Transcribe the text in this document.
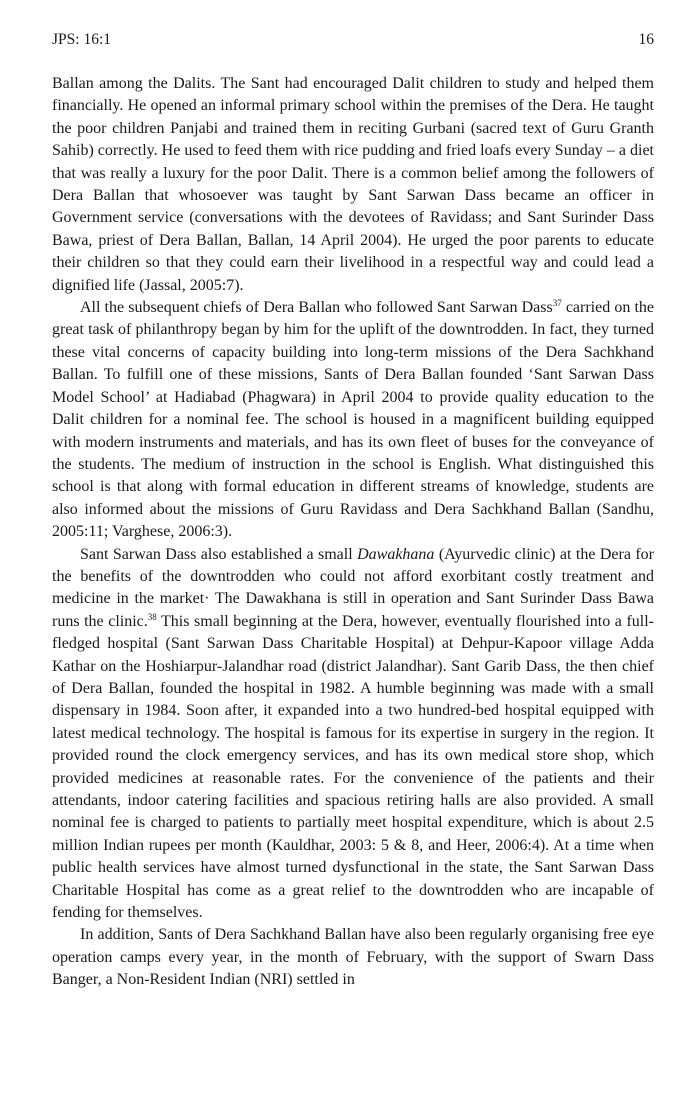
JPS: 16:1	16

Ballan among the Dalits. The Sant had encouraged Dalit children to study and helped them financially. He opened an informal primary school within the premises of the Dera. He taught the poor children Panjabi and trained them in reciting Gurbani (sacred text of Guru Granth Sahib) correctly. He used to feed them with rice pudding and fried loafs every Sunday – a diet that was really a luxury for the poor Dalit. There is a common belief among the followers of Dera Ballan that whosoever was taught by Sant Sarwan Dass became an officer in Government service (conversations with the devotees of Ravidass; and Sant Surinder Dass Bawa, priest of Dera Ballan, Ballan, 14 April 2004). He urged the poor parents to educate their children so that they could earn their livelihood in a respectful way and could lead a dignified life (Jassal, 2005:7).

All the subsequent chiefs of Dera Ballan who followed Sant Sarwan Dass$^{37}$ carried on the great task of philanthropy began by him for the uplift of the downtrodden. In fact, they turned these vital concerns of capacity building into long-term missions of the Dera Sachkhand Ballan. To fulfill one of these missions, Sants of Dera Ballan founded ‘Sant Sarwan Dass Model School’ at Hadiabad (Phagwara) in April 2004 to provide quality education to the Dalit children for a nominal fee. The school is housed in a magnificent building equipped with modern instruments and materials, and has its own fleet of buses for the conveyance of the students. The medium of instruction in the school is English. What distinguished this school is that along with formal education in different streams of knowledge, students are also informed about the missions of Guru Ravidass and Dera Sachkhand Ballan (Sandhu, 2005:11; Varghese, 2006:3).

Sant Sarwan Dass also established a small Dawakhana (Ayurvedic clinic) at the Dera for the benefits of the downtrodden who could not afford exorbitant costly treatment and medicine in the market· The Dawakhana is still in operation and Sant Surinder Dass Bawa runs the clinic.$^{38}$ This small beginning at the Dera, however, eventually flourished into a full-fledged hospital (Sant Sarwan Dass Charitable Hospital) at Dehpur-Kapoor village Adda Kathar on the Hoshiarpur-Jalandhar road (district Jalandhar). Sant Garib Dass, the then chief of Dera Ballan, founded the hospital in 1982. A humble beginning was made with a small dispensary in 1984. Soon after, it expanded into a two hundred-bed hospital equipped with latest medical technology. The hospital is famous for its expertise in surgery in the region. It provided round the clock emergency services, and has its own medical store shop, which provided medicines at reasonable rates. For the convenience of the patients and their attendants, indoor catering facilities and spacious retiring halls are also provided. A small nominal fee is charged to patients to partially meet hospital expenditure, which is about 2.5 million Indian rupees per month (Kauldhar, 2003: 5 & 8, and Heer, 2006:4). At a time when public health services have almost turned dysfunctional in the state, the Sant Sarwan Dass Charitable Hospital has come as a great relief to the downtrodden who are incapable of fending for themselves.

In addition, Sants of Dera Sachkhand Ballan have also been regularly organising free eye operation camps every year, in the month of February, with the support of Swarn Dass Banger, a Non-Resident Indian (NRI) settled in
